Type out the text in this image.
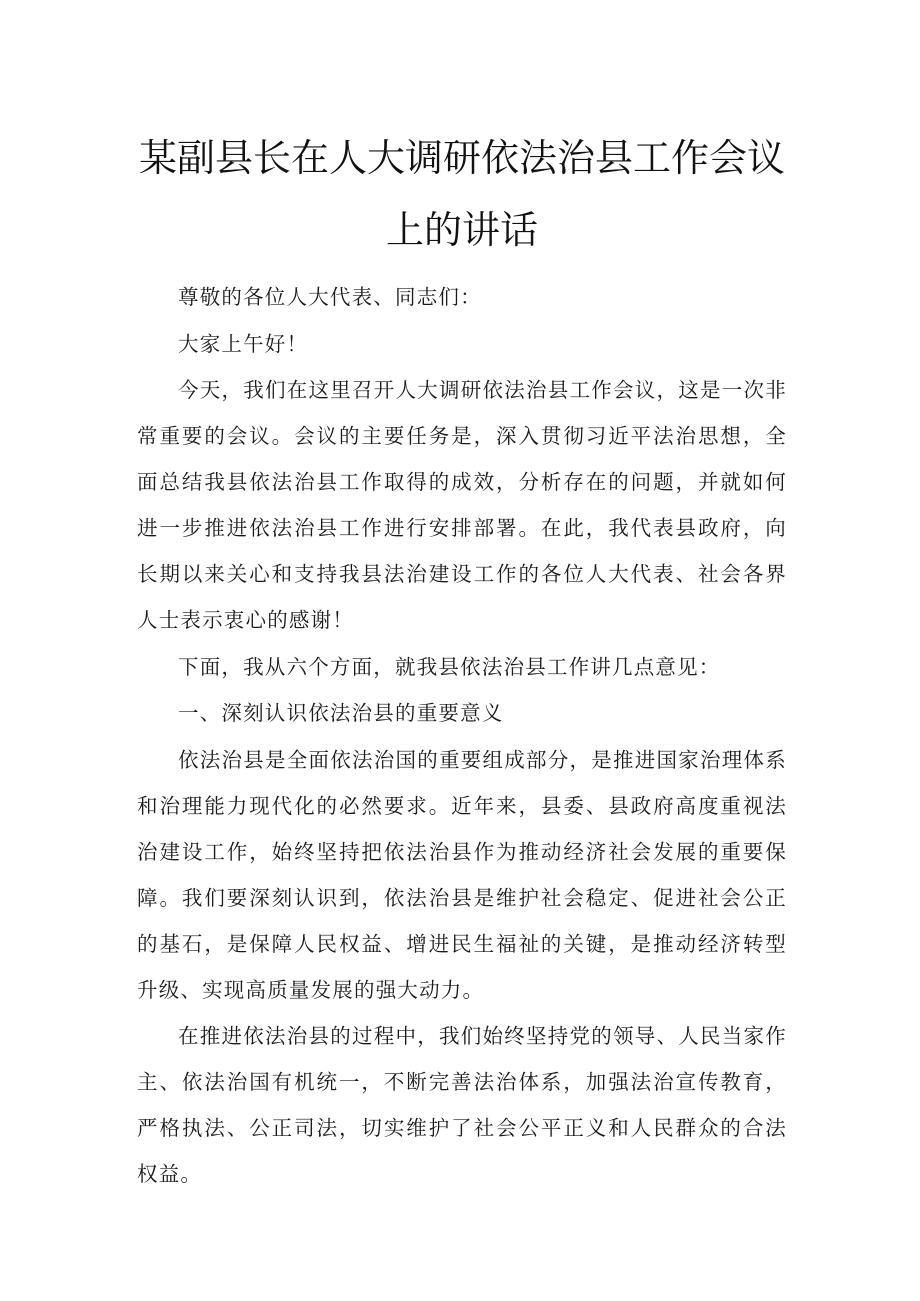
某副县长在人大调研依法治县工作会议
上的讲话

尊敬的各位人大代表、同志们：

大家上午好！

今天，我们在这里召开人大调研依法治县工作会议，这是一次非常重要的会议。会议的主要任务是，深入贯彻习近平法治思想，全面总结我县依法治县工作取得的成效，分析存在的问题，并就如何进一步推进依法治县工作进行安排部署。在此，我代表县政府，向长期以来关心和支持我县法治建设工作的各位人大代表、社会各界人士表示衷心的感谢！

下面，我从六个方面，就我县依法治县工作讲几点意见：

一、深刻认识依法治县的重要意义

依法治县是全面依法治国的重要组成部分，是推进国家治理体系和治理能力现代化的必然要求。近年来，县委、县政府高度重视法治建设工作，始终坚持把依法治县作为推动经济社会发展的重要保障。我们要深刻认识到，依法治县是维护社会稳定、促进社会公正的基石，是保障人民权益、增进民生福祉的关键，是推动经济转型升级、实现高质量发展的强大动力。

在推进依法治县的过程中，我们始终坚持党的领导、人民当家作主、依法治国有机统一，不断完善法治体系，加强法治宣传教育，严格执法、公正司法，切实维护了社会公平正义和人民群众的合法权益。
